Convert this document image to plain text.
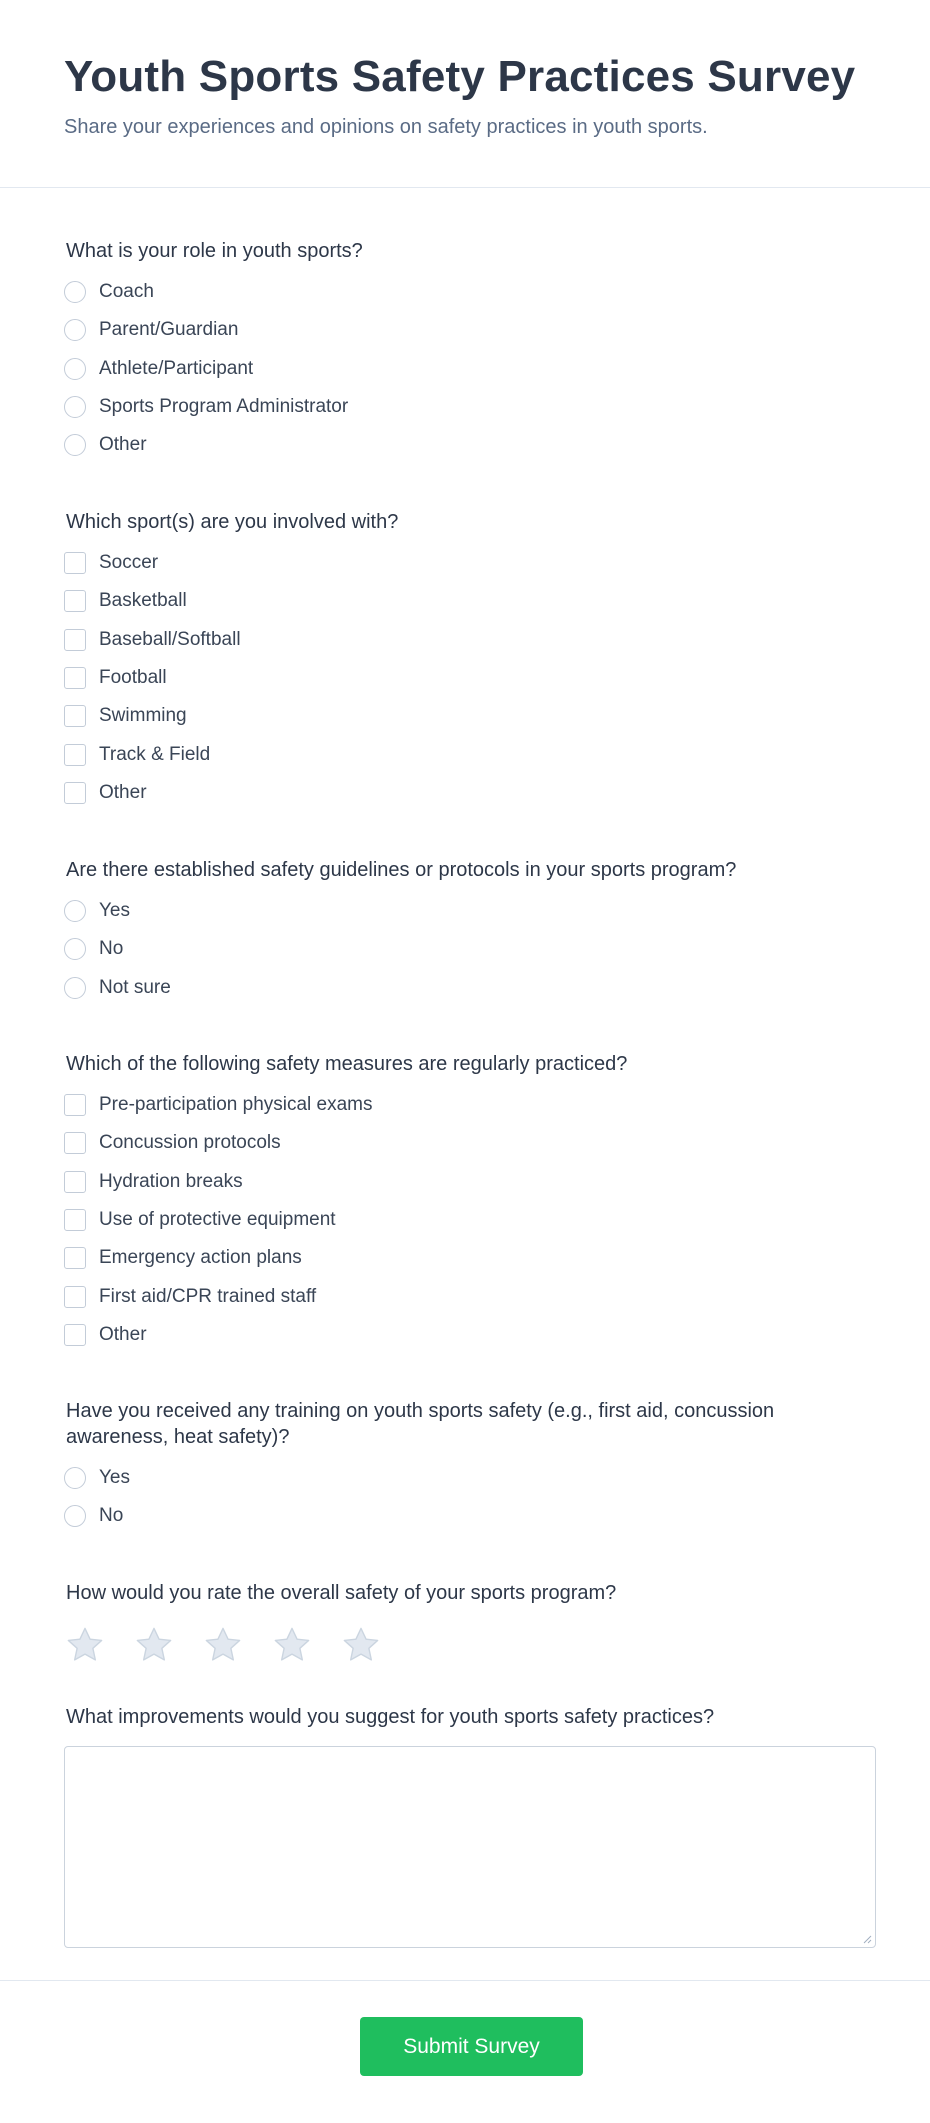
Youth Sports Safety Practices Survey
Share your experiences and opinions on safety practices in youth sports.
What is your role in youth sports?
Coach
Parent/Guardian
Athlete/Participant
Sports Program Administrator
Other
Which sport(s) are you involved with?
Soccer
Basketball
Baseball/Softball
Football
Swimming
Track & Field
Other
Are there established safety guidelines or protocols in your sports program?
Yes
No
Not sure
Which of the following safety measures are regularly practiced?
Pre-participation physical exams
Concussion protocols
Hydration breaks
Use of protective equipment
Emergency action plans
First aid/CPR trained staff
Other
Have you received any training on youth sports safety (e.g., first aid, concussion awareness, heat safety)?
Yes
No
How would you rate the overall safety of your sports program?
What improvements would you suggest for youth sports safety practices?
Submit Survey
